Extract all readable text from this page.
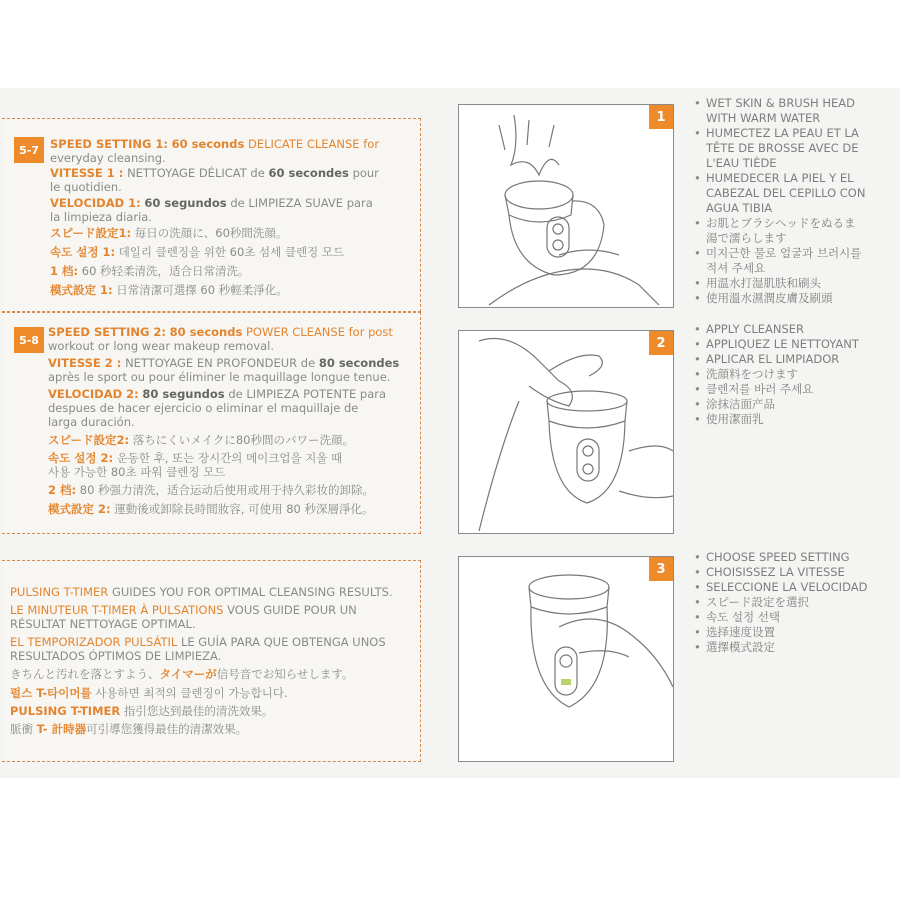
5-7 SPEED SETTING 1: 60 seconds DELICATE CLEANSE for
everyday cleansing.
VITESSE 1 : NETTOYAGE DÉLICAT de 60 secondes pour
le quotidien.
VELOCIDAD 1: 60 segundos de LIMPIEZA SUAVE para
la limpieza diaria.
スピード設定1: 毎日の洗顔に、60秒間洗顔。
속도 설정 1: 데일리 클렌징을 위한 60초 섬세 클렌징 모드
1 档: 60 秒轻柔清洗，适合日常清洗。
模式設定 1: 日常清潔可選擇 60 秒輕柔淨化。
5-8
SPEED SETTING 2: 80 seconds POWER CLEANSE for post
workout or long wear makeup removal.
VITESSE 2 : NETTOYAGE EN PROFONDEUR de 80 secondes
après le sport ou pour éliminer le maquillage longue tenue.
VELOCIDAD 2: 80 segundos de LIMPIEZA POTENTE para
despues de hacer ejercicio o eliminar el maquillaje de
larga duración.
スピード設定2: 落ちにくいメイクに80秒間のパワー洗顔。
속도 설정 2: 운동한 후, 또는 장시간의 메이크업을 지울 때
사용 가능한 80초 파워 클렌징 모드
2 档: 80 秒强力清洗，适合运动后使用或用于持久彩妆的卸除。
模式設定 2: 運動後或卸除長時間妝容, 可使用 80 秒深層淨化。
PULSING T-TIMER GUIDES YOU FOR OPTIMAL CLEANSING RESULTS.
LE MINUTEUR T-TIMER À PULSATIONS VOUS GUIDE POUR UN
RÉSULTAT NETTOYAGE OPTIMAL.
EL TEMPORIZADOR PULSÁTIL LE GUÍA PARA QUE OBTENGA UNOS
RESULTADOS ÓPTIMOS DE LIMPIEZA.
きちんと汚れを落とすよう、タイマーが信号音でお知らせします。
펄스 T-타이머를 사용하면 최적의 클렌징이 가능합니다.
PULSING T-TIMER 指引您达到最佳的清洗效果。
脈衝 T- 計時器可引導您獲得最佳的清潔效果。
1
2
3
• WET SKIN & BRUSH HEAD
WITH WARM WATER
• HUMECTEZ LA PEAU ET LA
TÊTE DE BROSSE AVEC DE
L'EAU TIÈDE
• HUMEDECER LA PIEL Y EL
CABEZAL DEL CEPILLO CON
AGUA TIBIA
• お肌とブラシヘッドをぬるま
湯で濡らします
• 미지근한 물로 얼굴과 브러시를
적셔 주세요
• 用温水打湿肌肤和刷头
• 使用溫水濕潤皮膚及刷頭
• APPLY CLEANSER
• APPLIQUEZ LE NETTOYANT
• APLICAR EL LIMPIADOR
• 洗顔料をつけます
• 클렌저를 바러 주세요
• 涂抹洁面产品
• 使用潔面乳
• CHOOSE SPEED SETTING
• CHOISISSEZ LA VITESSE
• SELECCIONE LA VELOCIDAD
• スピード設定を選択
• 속도 설정 선택
• 选择速度设置
• 選擇模式設定
